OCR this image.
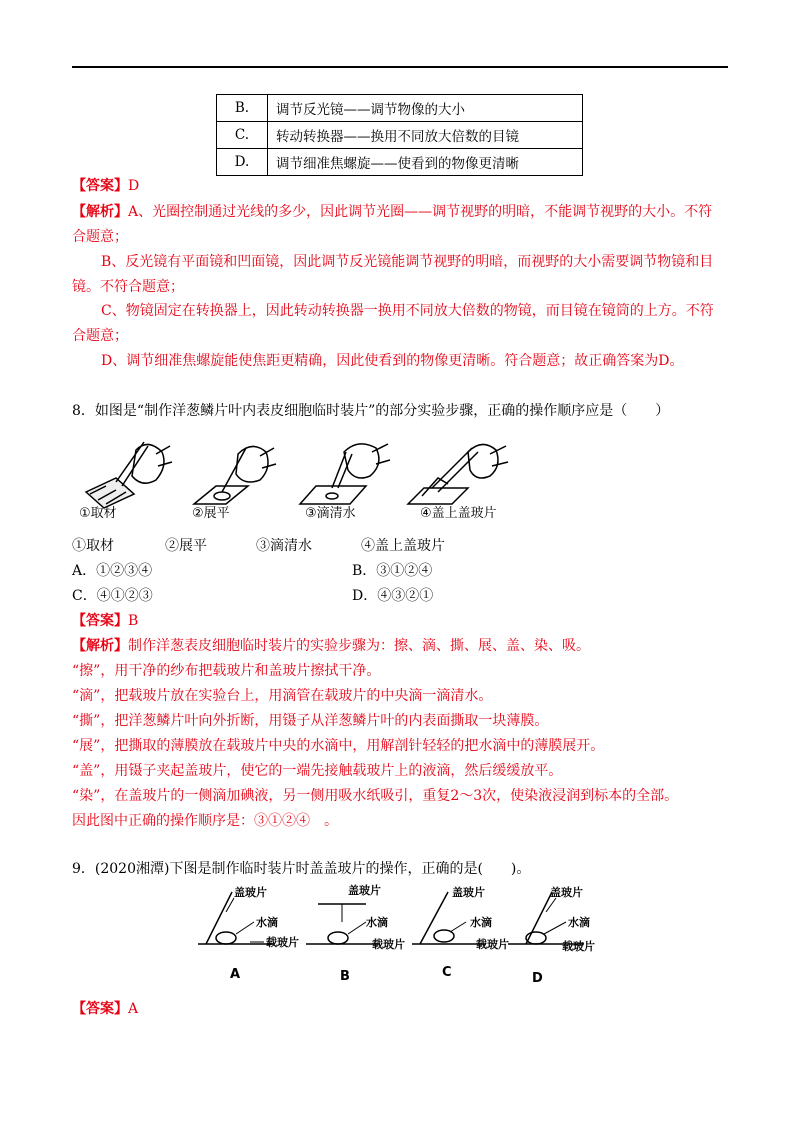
B.	调节反光镜——调节物像的大小
C.	转动转换器——换用不同放大倍数的目镜
D.	调节细准焦螺旋——使看到的物像更清晰
【答案】D
【解析】A、光圈控制通过光线的多少，因此调节光圈——调节视野的明暗，不能调节视野的大小。不符
合题意；
B、反光镜有平面镜和凹面镜，因此调节反光镜能调节视野的明暗，而视野的大小需要调节物镜和目
镜。不符合题意；
C、物镜固定在转换器上，因此转动转换器一换用不同放大倍数的物镜，而目镜在镜筒的上方。不符
合题意；
D、调节细准焦螺旋能使焦距更精确，因此使看到的物像更清晰。符合题意；故正确答案为D。
8．如图是“制作洋葱鳞片叶内表皮细胞临时装片”的部分实验步骤，正确的操作顺序应是（　　）
①取材	②展平	③滴清水	④盖上盖玻片
①取材	②展平	③滴清水	④盖上盖玻片
A．①②③④	B．③①②④
C．④①②③	D．④③②①
【答案】B
【解析】制作洋葱表皮细胞临时装片的实验步骤为：擦、滴、撕、展、盖、染、吸。
“擦”，用干净的纱布把载玻片和盖玻片擦拭干净。
“滴”，把载玻片放在实验台上，用滴管在载玻片的中央滴一滴清水。
“撕”，把洋葱鳞片叶向外折断，用镊子从洋葱鳞片叶的内表面撕取一块薄膜。
“展”，把撕取的薄膜放在载玻片中央的水滴中，用解剖针轻轻的把水滴中的薄膜展开。
“盖”，用镊子夹起盖玻片，使它的一端先接触载玻片上的液滴，然后缓缓放平。
“染”，在盖玻片的一侧滴加碘液，另一侧用吸水纸吸引，重复2～3次，使染液浸润到标本的全部。
因此图中正确的操作顺序是：③①②④　。
9．(2020湘潭)下图是制作临时装片时盖盖玻片的操作，正确的是(　　)。
盖玻片
水滴
载玻片
A
盖玻片
水滴
载玻片
B
盖玻片
水滴
载玻片
C
盖玻片
水滴
载玻片
D
【答案】A
